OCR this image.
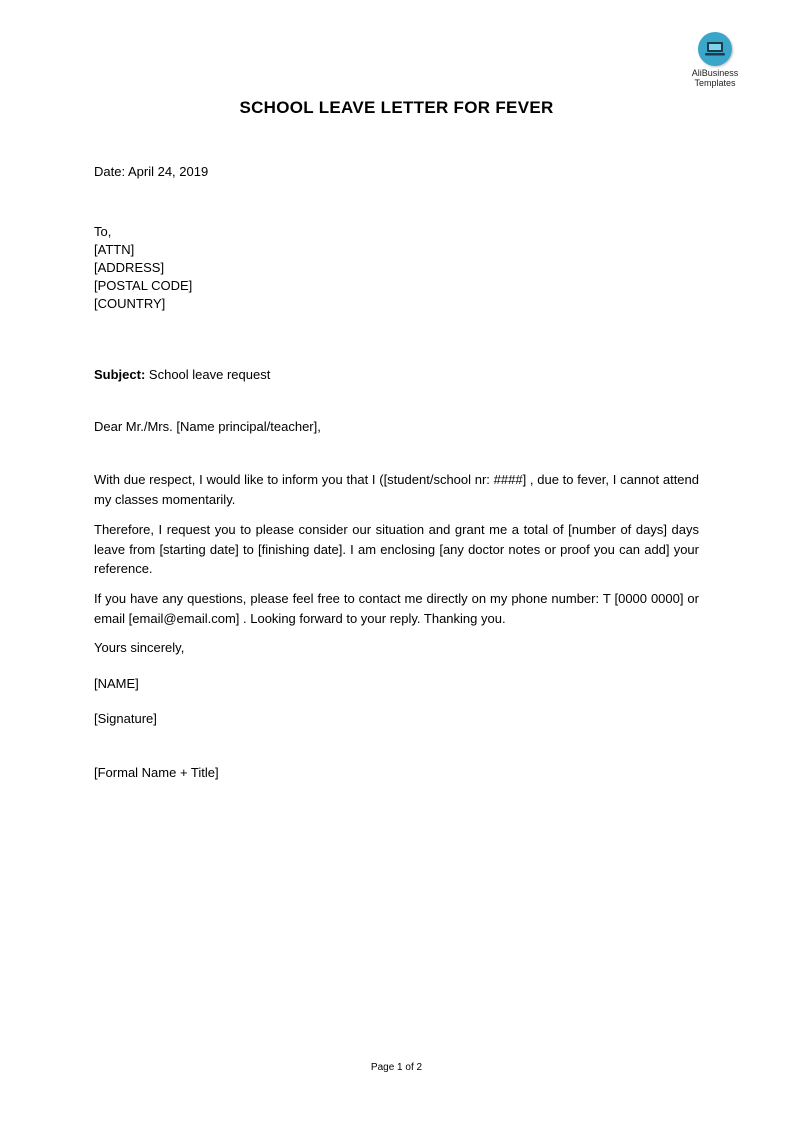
AliBusiness
Templates
SCHOOL LEAVE LETTER FOR FEVER
Date: April 24, 2019
To,
[ATTN]
[ADDRESS]
[POSTAL CODE]
[COUNTRY]
Subject: School leave request
Dear Mr./Mrs. [Name principal/teacher],

With due respect, I would like to inform you that I ([student/school nr: ####] , due to fever, I cannot attend my classes momentarily.

Therefore, I request you to please consider our situation and grant me a total of [number of days] days leave from [starting date] to [finishing date]. I am enclosing [any doctor notes or proof you can add] your reference.

If you have any questions, please feel free to contact me directly on my phone number: T [0000 0000] or email [email@email.com] . Looking forward to your reply. Thanking you.

Yours sincerely,
[NAME]
[Signature]
[Formal Name + Title]
Page 1 of 2
